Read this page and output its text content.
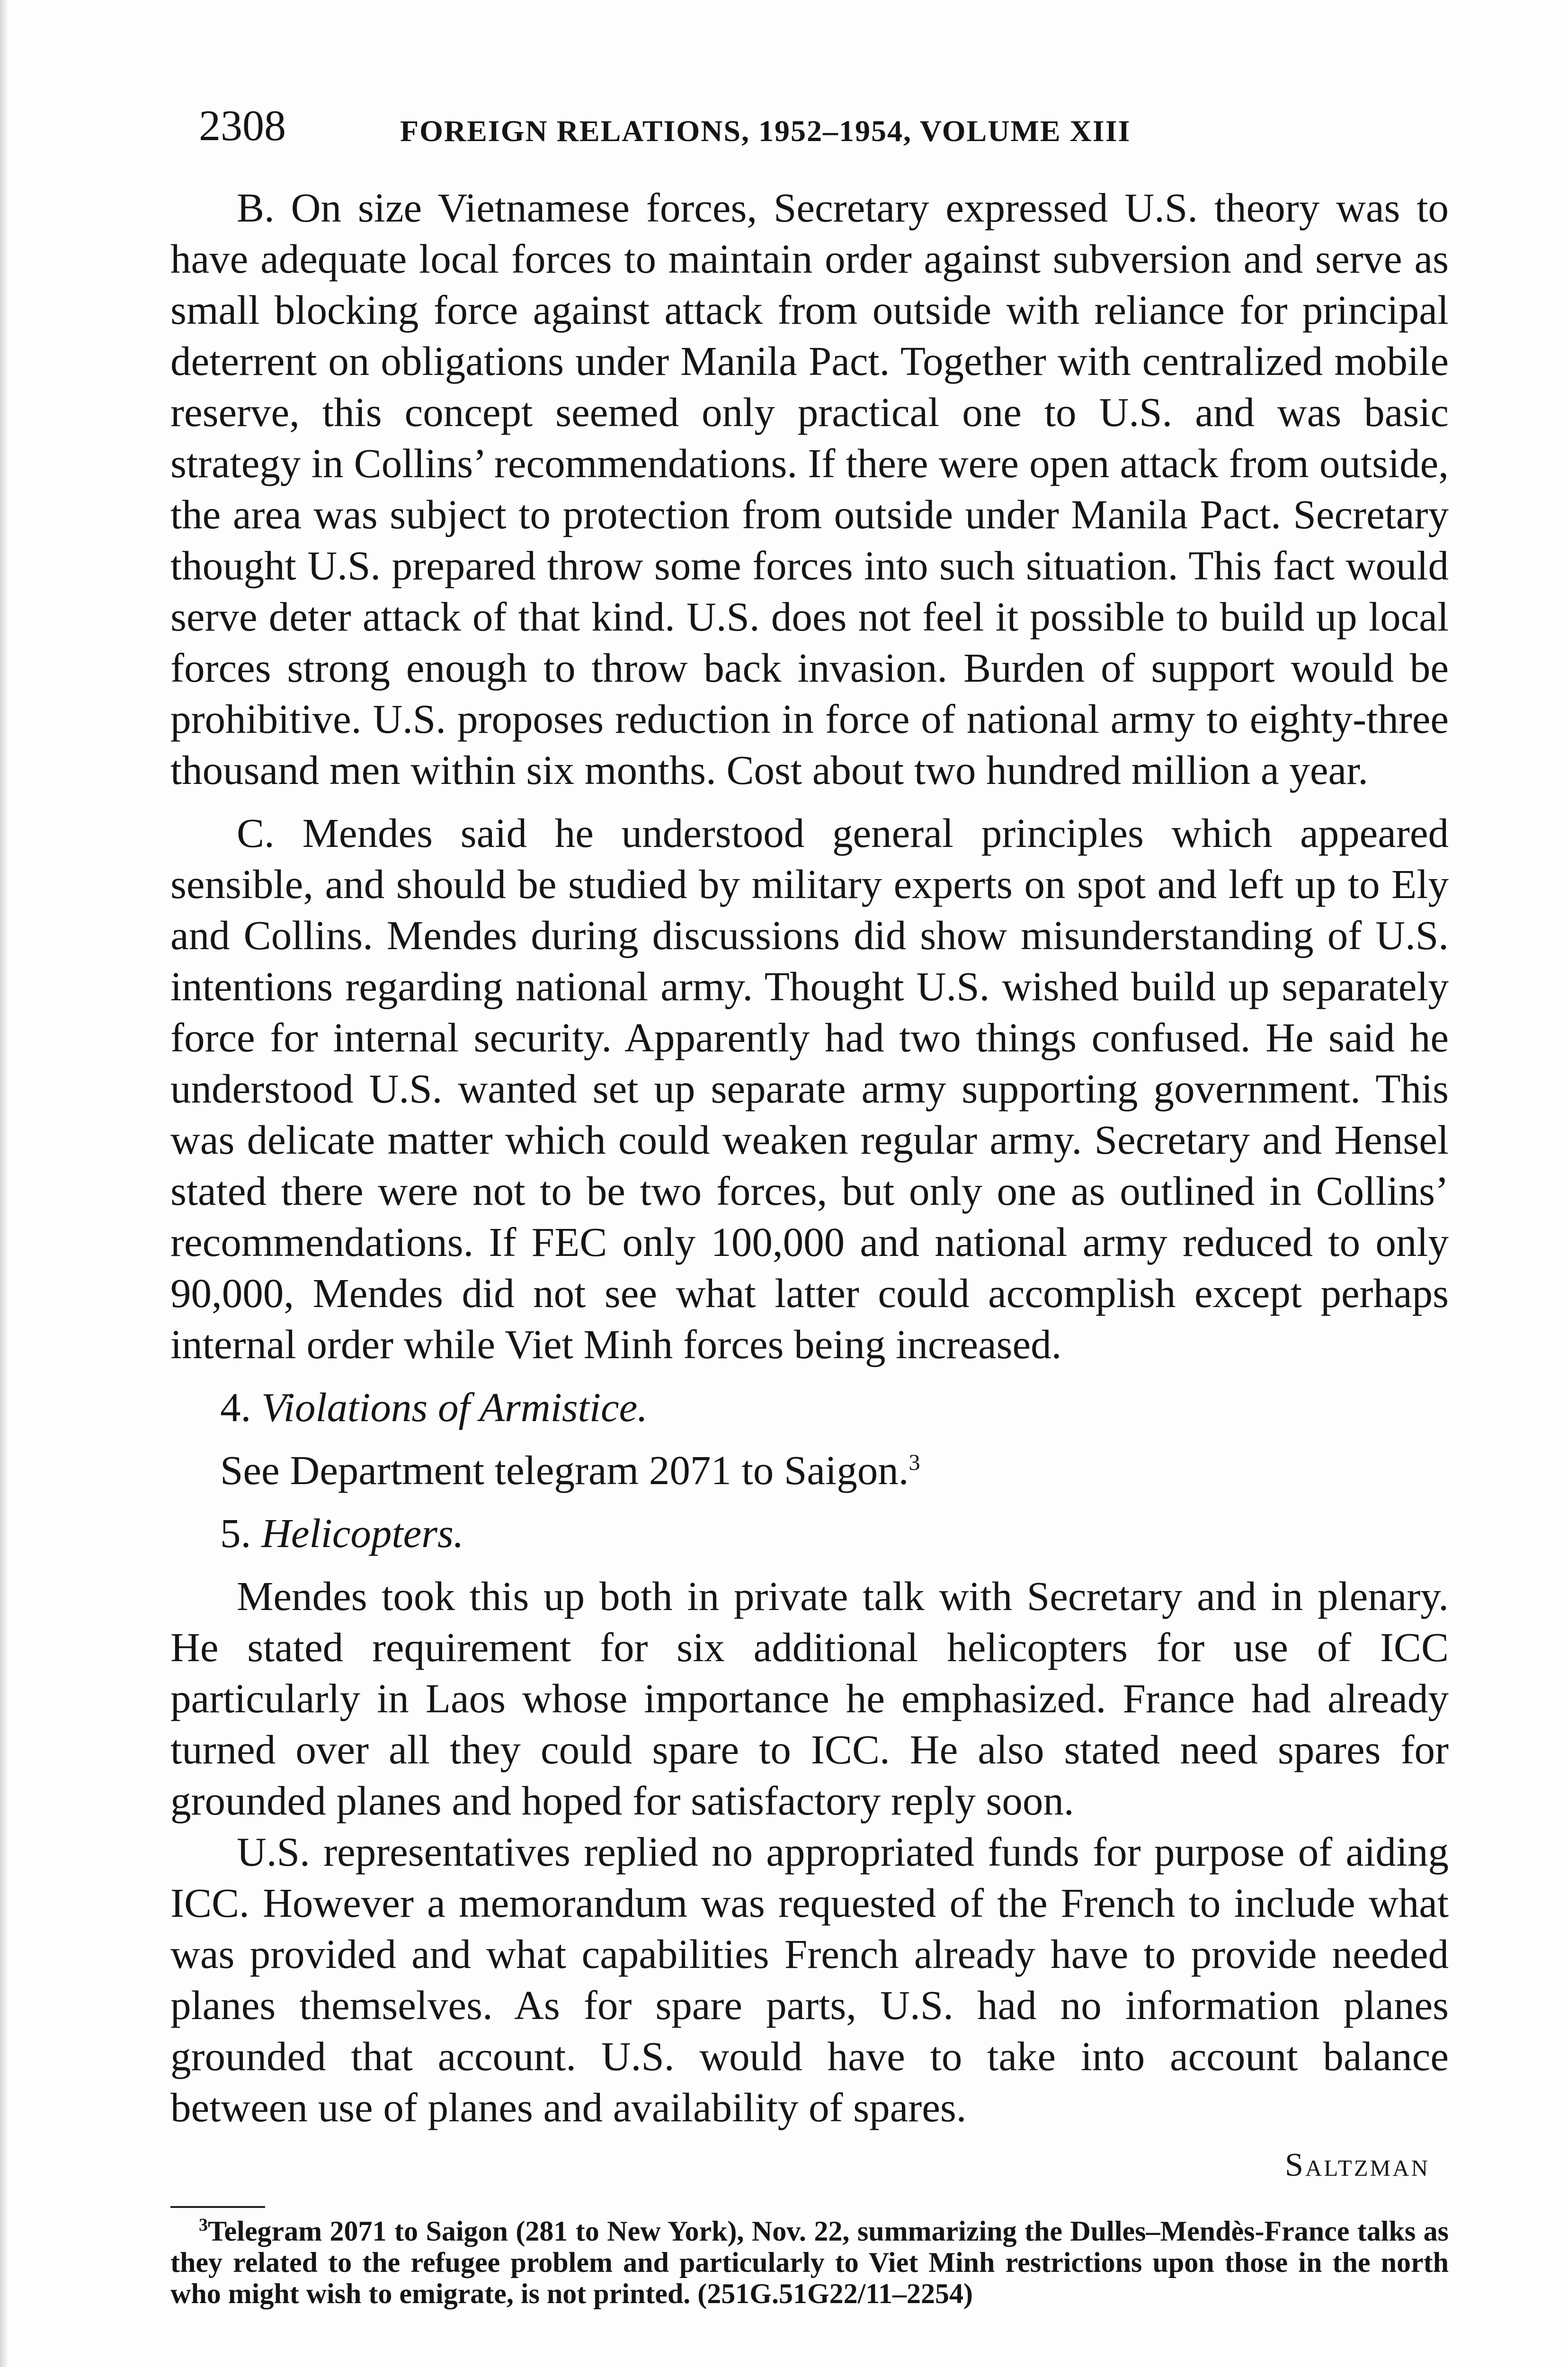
2308	FOREIGN RELATIONS, 1952–1954, VOLUME XIII

B. On size Vietnamese forces, Secretary expressed U.S. theory was to have adequate local forces to maintain order against subversion and serve as small blocking force against attack from outside with reliance for principal deterrent on obligations under Manila Pact. Together with centralized mobile reserve, this concept seemed only practical one to U.S. and was basic strategy in Collins’ recommendations. If there were open attack from outside, the area was subject to protection from outside under Manila Pact. Secretary thought U.S. prepared throw some forces into such situation. This fact would serve deter attack of that kind. U.S. does not feel it possible to build up local forces strong enough to throw back invasion. Burden of support would be prohibitive. U.S. proposes reduction in force of national army to eighty-three thousand men within six months. Cost about two hundred million a year.

C. Mendes said he understood general principles which appeared sensible, and should be studied by military experts on spot and left up to Ely and Collins. Mendes during discussions did show misunderstanding of U.S. intentions regarding national army. Thought U.S. wished build up separately force for internal security. Apparently had two things confused. He said he understood U.S. wanted set up separate army supporting government. This was delicate matter which could weaken regular army. Secretary and Hensel stated there were not to be two forces, but only one as outlined in Collins’ recommendations. If FEC only 100,000 and national army reduced to only 90,000, Mendes did not see what latter could accomplish except perhaps internal order while Viet Minh forces being increased.

4. Violations of Armistice.

See Department telegram 2071 to Saigon.$^3$

5. Helicopters.

Mendes took this up both in private talk with Secretary and in plenary. He stated requirement for six additional helicopters for use of ICC particularly in Laos whose importance he emphasized. France had already turned over all they could spare to ICC. He also stated need spares for grounded planes and hoped for satisfactory reply soon.

U.S. representatives replied no appropriated funds for purpose of aiding ICC. However a memorandum was requested of the French to include what was provided and what capabilities French already have to provide needed planes themselves. As for spare parts, U.S. had no information planes grounded that account. U.S. would have to take into account balance between use of planes and availability of spares.

Saltzman

$^3$Telegram 2071 to Saigon (281 to New York), Nov. 22, summarizing the Dulles–Mendès-France talks as they related to the refugee problem and particularly to Viet Minh restrictions upon those in the north who might wish to emigrate, is not printed. (251G.51G22/11–2254)
